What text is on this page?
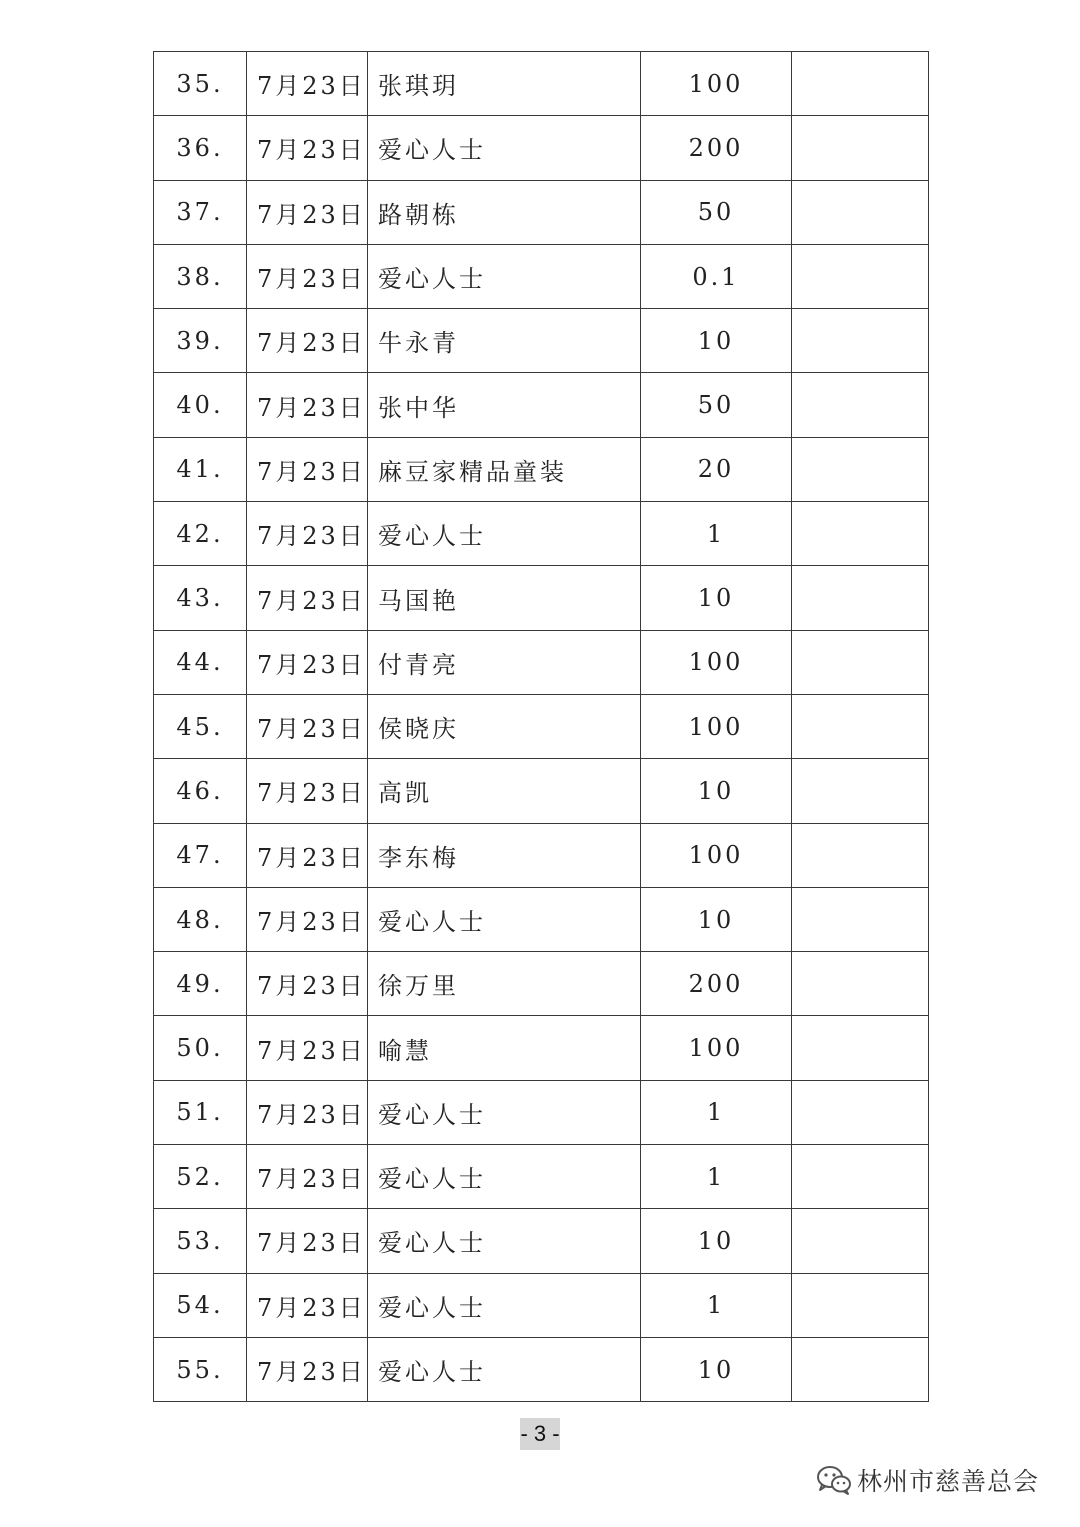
35.	7月23日	张琪玥	100	
36.	7月23日	爱心人士	200	
37.	7月23日	路朝栋	50	
38.	7月23日	爱心人士	0.1	
39.	7月23日	牛永青	10	
40.	7月23日	张中华	50	
41.	7月23日	麻豆家精品童装	20	
42.	7月23日	爱心人士	1	
43.	7月23日	马国艳	10	
44.	7月23日	付青亮	100	
45.	7月23日	侯晓庆	100	
46.	7月23日	高凯	10	
47.	7月23日	李东梅	100	
48.	7月23日	爱心人士	10	
49.	7月23日	徐万里	200	
50.	7月23日	喻慧	100	
51.	7月23日	爱心人士	1	
52.	7月23日	爱心人士	1	
53.	7月23日	爱心人士	10	
54.	7月23日	爱心人士	1	
55.	7月23日	爱心人士	10	
- 3 -
林州市慈善总会
